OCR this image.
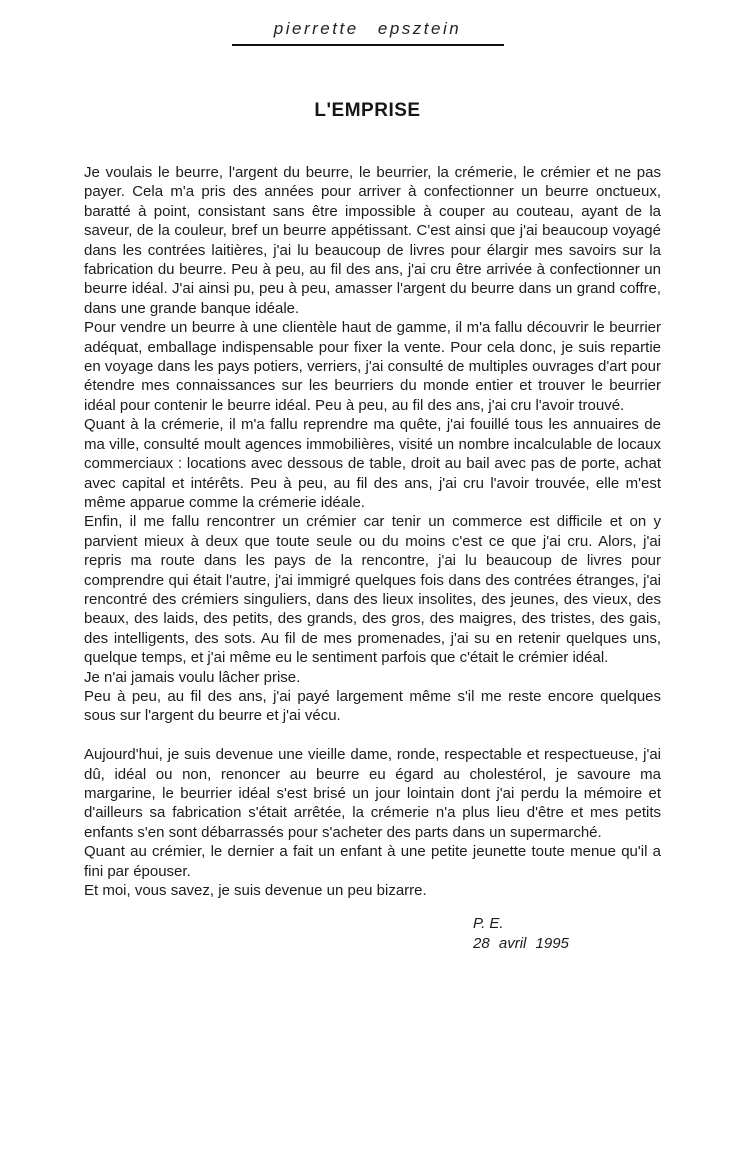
pierrette epsztein
L'EMPRISE

Je voulais le beurre, l'argent du beurre, le beurrier, la crémerie, le crémier et ne pas payer. Cela m'a pris des années pour arriver à confectionner un beurre onctueux, baratté à point, consistant sans être impossible à couper au couteau, ayant de la saveur, de la couleur, bref un beurre appétissant. C'est ainsi que j'ai beaucoup voyagé dans les contrées laitières, j'ai lu beaucoup de livres pour élargir mes savoirs sur la fabrication du beurre. Peu à peu, au fil des ans, j'ai cru être arrivée à confectionner un beurre idéal. J'ai ainsi pu, peu à peu, amasser l'argent du beurre dans un grand coffre, dans une grande banque idéale.

Pour vendre un beurre à une clientèle haut de gamme, il m'a fallu découvrir le beurrier adéquat, emballage indispensable pour fixer la vente. Pour cela donc, je suis repartie en voyage dans les pays potiers, verriers, j'ai consulté de multiples ouvrages d'art pour étendre mes connaissances sur les beurriers du monde entier et trouver le beurrier idéal pour contenir le beurre idéal. Peu à peu, au fil des ans, j'ai cru l'avoir trouvé.

Quant à la crémerie, il m'a fallu reprendre ma quête, j'ai fouillé tous les annuaires de ma ville, consulté moult agences immobilières, visité un nombre incalculable de locaux commerciaux : locations avec dessous de table, droit au bail avec pas de porte, achat avec capital et intérêts. Peu à peu, au fil des ans, j'ai cru l'avoir trouvée, elle m'est même apparue comme la crémerie idéale.

Enfin, il me fallu rencontrer un crémier car tenir un commerce est difficile et on y parvient mieux à deux que toute seule ou du moins c'est ce que j'ai cru. Alors, j'ai repris ma route dans les pays de la rencontre, j'ai lu beaucoup de livres pour comprendre qui était l'autre, j'ai immigré quelques fois dans des contrées étranges, j'ai rencontré des crémiers singuliers, dans des lieux insolites, des jeunes, des vieux, des beaux, des laids, des petits, des grands, des gros, des maigres, des tristes, des gais, des intelligents, des sots. Au fil de mes promenades, j'ai su en retenir quelques uns, quelque temps, et j'ai même eu le sentiment parfois que c'était le crémier idéal.

Je n'ai jamais voulu lâcher prise.

Peu à peu, au fil des ans, j'ai payé largement même s'il me reste encore quelques sous sur l'argent du beurre et j'ai vécu.

Aujourd'hui, je suis devenue une vieille dame, ronde, respectable et respectueuse, j'ai dû, idéal ou non, renoncer au beurre eu égard au cholestérol, je savoure ma margarine, le beurrier idéal s'est brisé un jour lointain dont j'ai perdu la mémoire et d'ailleurs sa fabrication s'était arrêtée, la crémerie n'a plus lieu d'être et mes petits enfants s'en sont débarrassés pour s'acheter des parts dans un supermarché.

Quant au crémier, le dernier a fait un enfant à une petite jeunette toute menue qu'il a fini par épouser.

Et moi, vous savez, je suis devenue un peu bizarre.

P. E.
28 avril 1995
